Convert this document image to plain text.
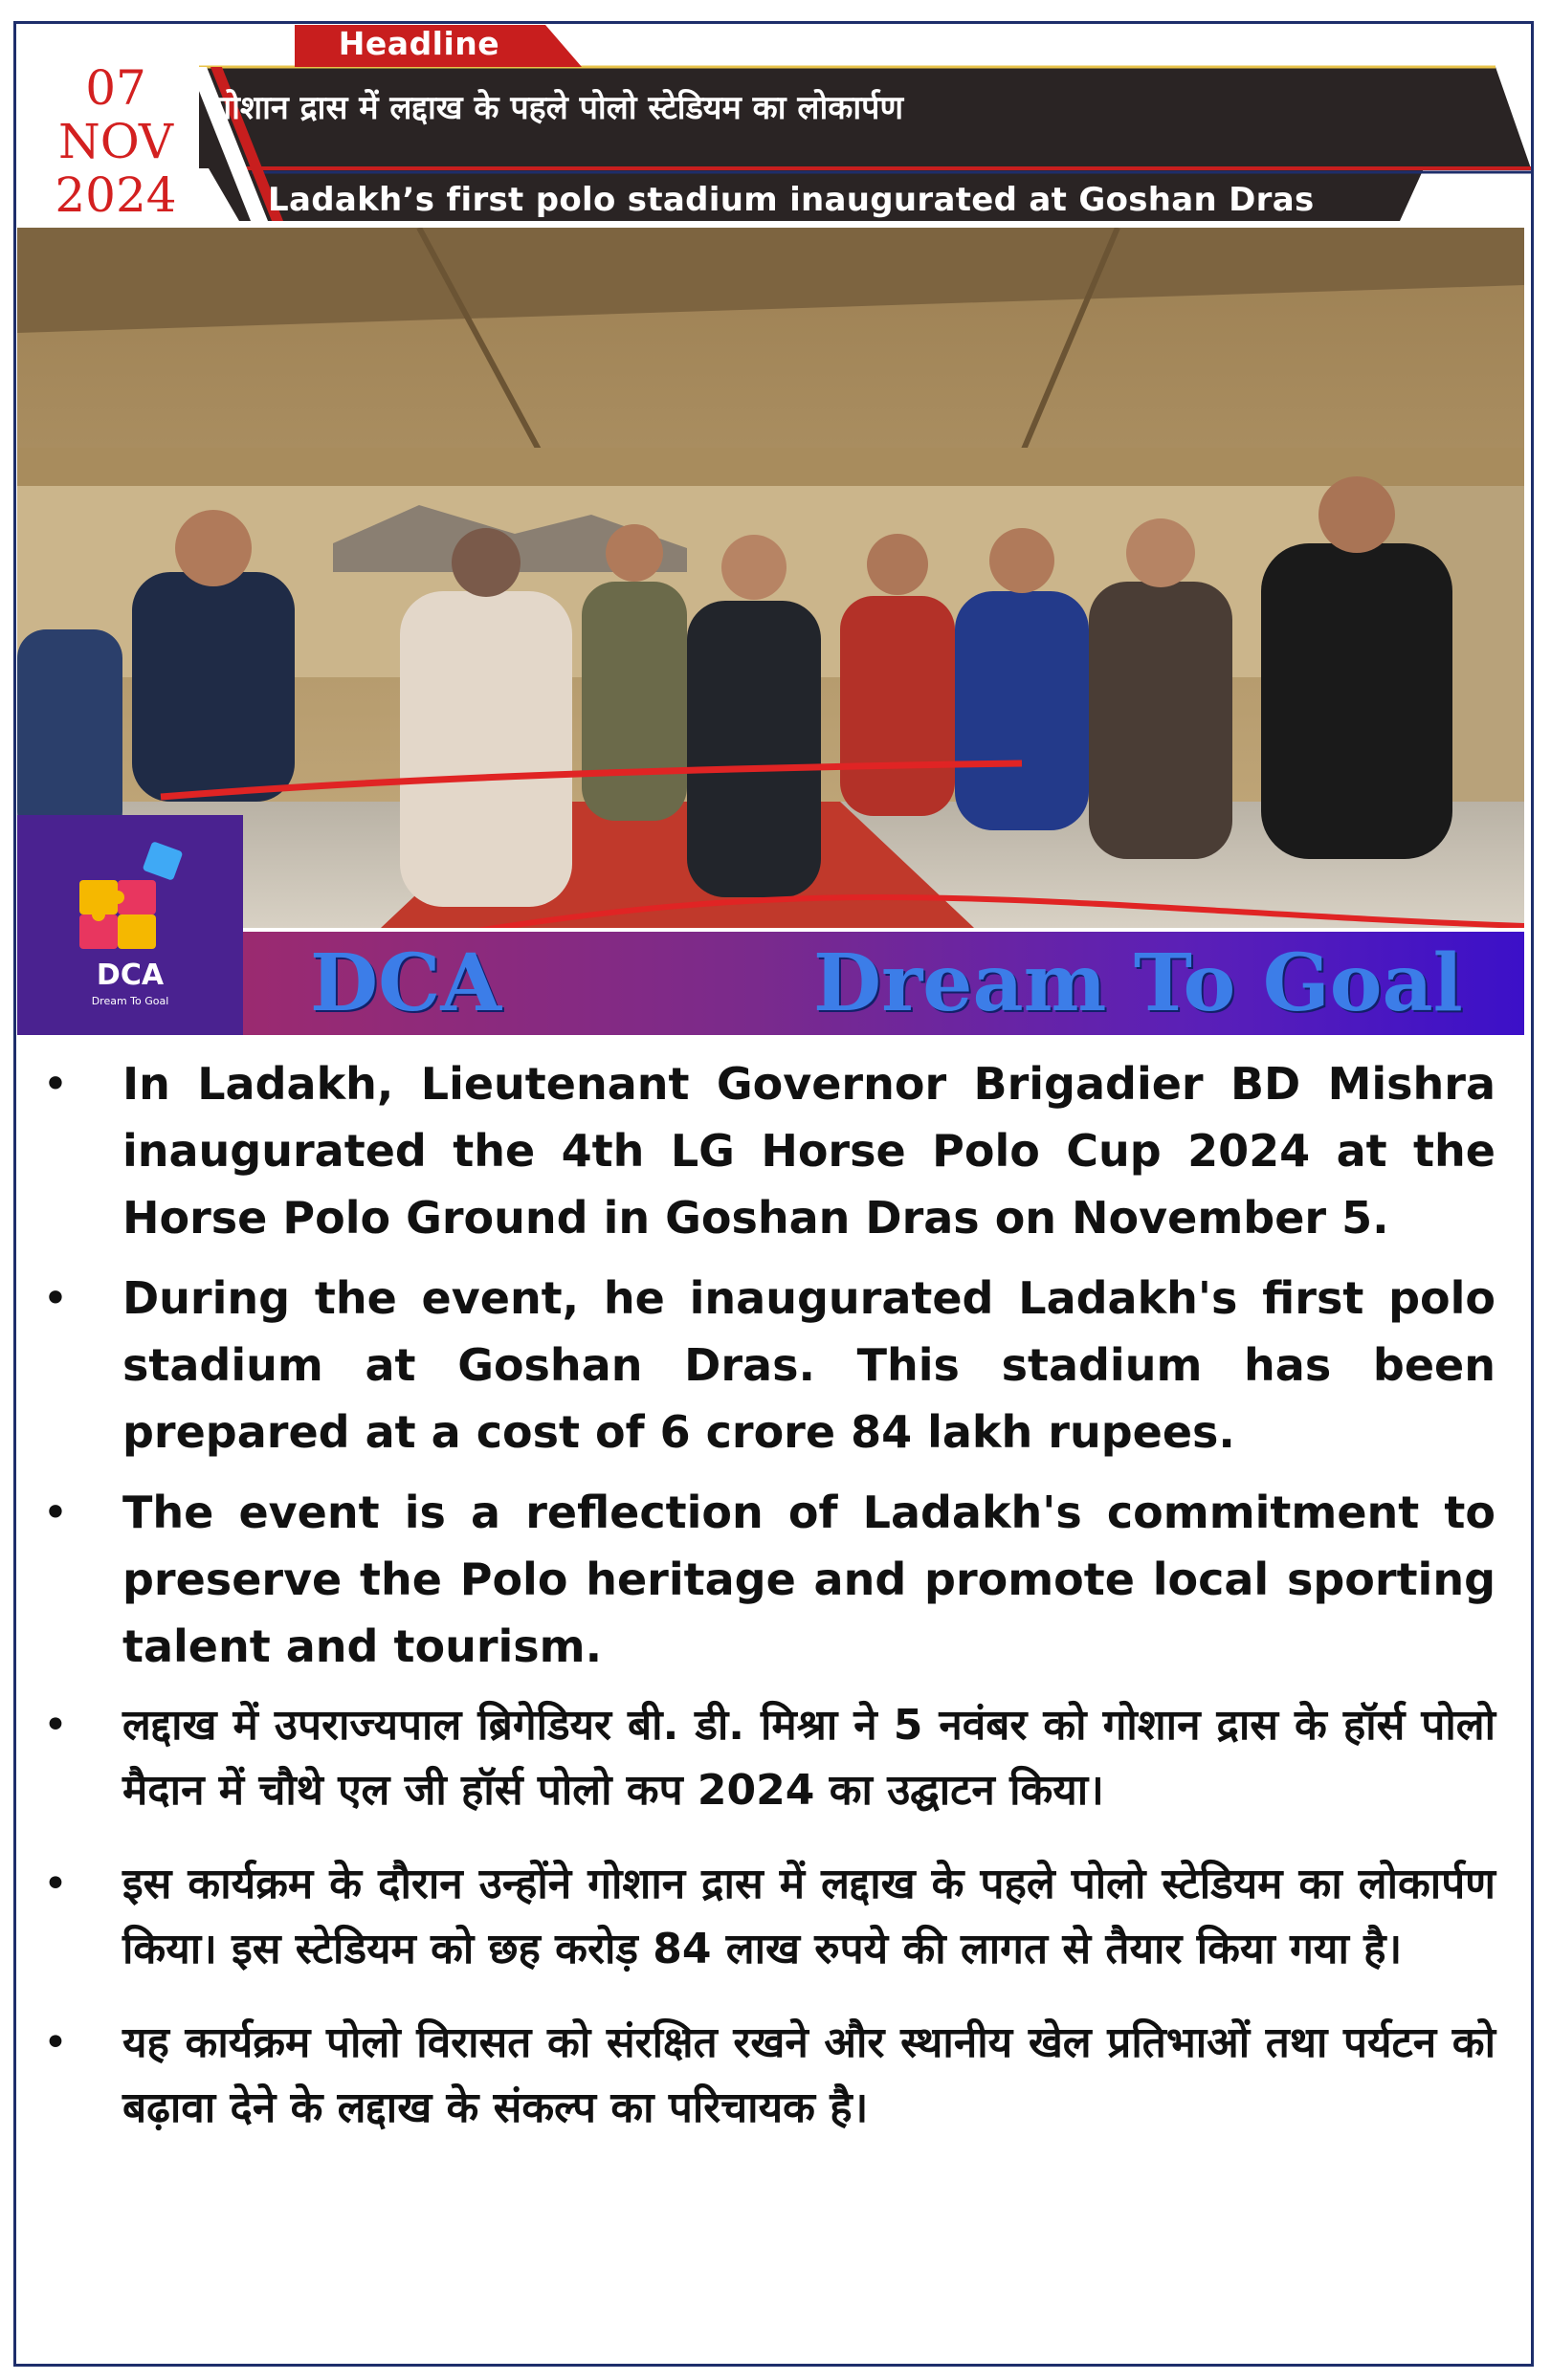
Headline
07
NOV
2024
गोशान द्रास में लद्दाख के पहले पोलो स्टेडियम का लोकार्पण
Ladakh’s first polo stadium inaugurated at Goshan Dras
DCA
Dream To Goal	DCA	Dream To Goal
• In Ladakh, Lieutenant Governor Brigadier BD Mishra inaugurated the 4th LG Horse Polo Cup 2024 at the Horse Polo Ground in Goshan Dras on November 5.
• During the event, he inaugurated Ladakh's first polo stadium at Goshan Dras. This stadium has been prepared at a cost of 6 crore 84 lakh rupees.
• The event is a reflection of Ladakh's commitment to preserve the Polo heritage and promote local sporting talent and tourism.
• लद्दाख में उपराज्यपाल ब्रिगेडियर बी. डी. मिश्रा ने 5 नवंबर को गोशान द्रास के हॉर्स पोलो मैदान में चौथे एल जी हॉर्स पोलो कप 2024 का उद्घाटन किया।
• इस कार्यक्रम के दौरान उन्होंने गोशान द्रास में लद्दाख के पहले पोलो स्टेडियम का लोकार्पण किया। इस स्टेडियम को छह करोड़ 84 लाख रुपये की लागत से तैयार किया गया है।
• यह कार्यक्रम पोलो विरासत को संरक्षित रखने और स्थानीय खेल प्रतिभाओं तथा पर्यटन को बढ़ावा देने के लद्दाख के संकल्प का परिचायक है।
